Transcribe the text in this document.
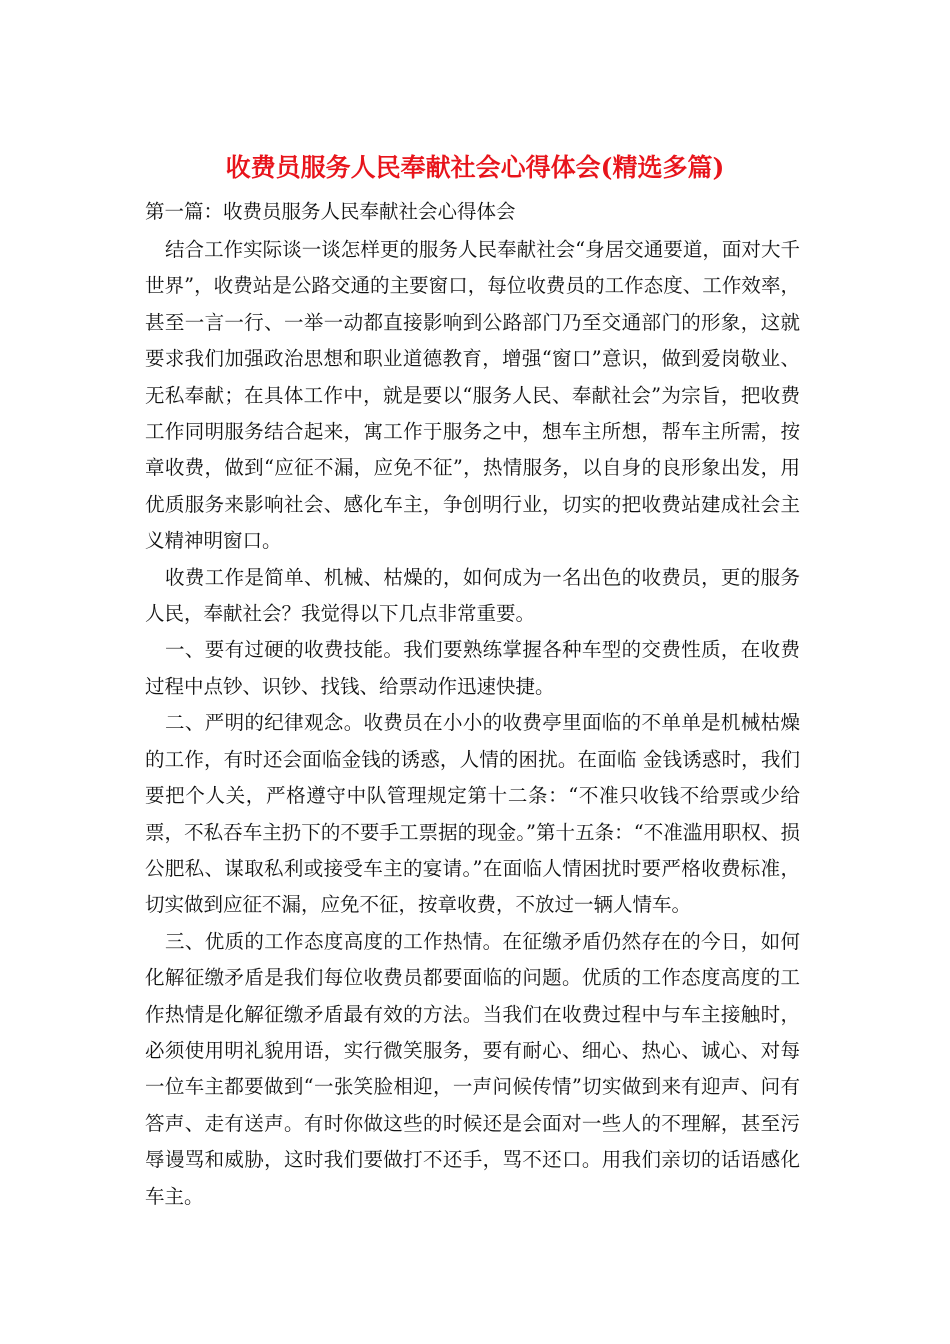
收费员服务人民奉献社会心得体会(精选多篇)
第一篇：收费员服务人民奉献社会心得体会

结合工作实际谈一谈怎样更的服务人民奉献社会“身居交通要道，面对大千世界”，收费站是公路交通的主要窗口，每位收费员的工作态度、工作效率，甚至一言一行、一举一动都直接影响到公路部门乃至交通部门的形象，这就要求我们加强政治思想和职业道德教育，增强“窗口”意识，做到爱岗敬业、无私奉献；在具体工作中，就是要以“服务人民、奉献社会”为宗旨，把收费工作同明服务结合起来，寓工作于服务之中，想车主所想，帮车主所需，按章收费，做到“应征不漏，应免不征”，热情服务，以自身的良形象出发，用优质服务来影响社会、感化车主，争创明行业，切实的把收费站建成社会主义精神明窗口。

收费工作是简单、机械、枯燥的，如何成为一名出色的收费员，更的服务人民，奉献社会？我觉得以下几点非常重要。

一、要有过硬的收费技能。我们要熟练掌握各种车型的交费性质，在收费过程中点钞、识钞、找钱、给票动作迅速快捷。

二、严明的纪律观念。收费员在小小的收费亭里面临的不单单是机械枯燥的工作，有时还会面临金钱的诱惑，人情的困扰。在面临 金钱诱惑时，我们要把个人关，严格遵守中队管理规定第十二条：“不准只收钱不给票或少给票，不私吞车主扔下的不要手工票据的现金。”第十五条：“不准滥用职权、损公肥私、谋取私利或接受车主的宴请。”在面临人情困扰时要严格收费标准，切实做到应征不漏，应免不征，按章收费，不放过一辆人情车。

三、优质的工作态度高度的工作热情。在征缴矛盾仍然存在的今日，如何化解征缴矛盾是我们每位收费员都要面临的问题。优质的工作态度高度的工作热情是化解征缴矛盾最有效的方法。当我们在收费过程中与车主接触时，必须使用明礼貌用语，实行微笑服务，要有耐心、细心、热心、诚心、对每一位车主都要做到“一张笑脸相迎，一声问候传情”切实做到来有迎声、问有答声、走有送声。有时你做这些的时候还是会面对一些人的不理解，甚至污辱谩骂和威胁，这时我们要做打不还手，骂不还口。用我们亲切的话语感化车主。
